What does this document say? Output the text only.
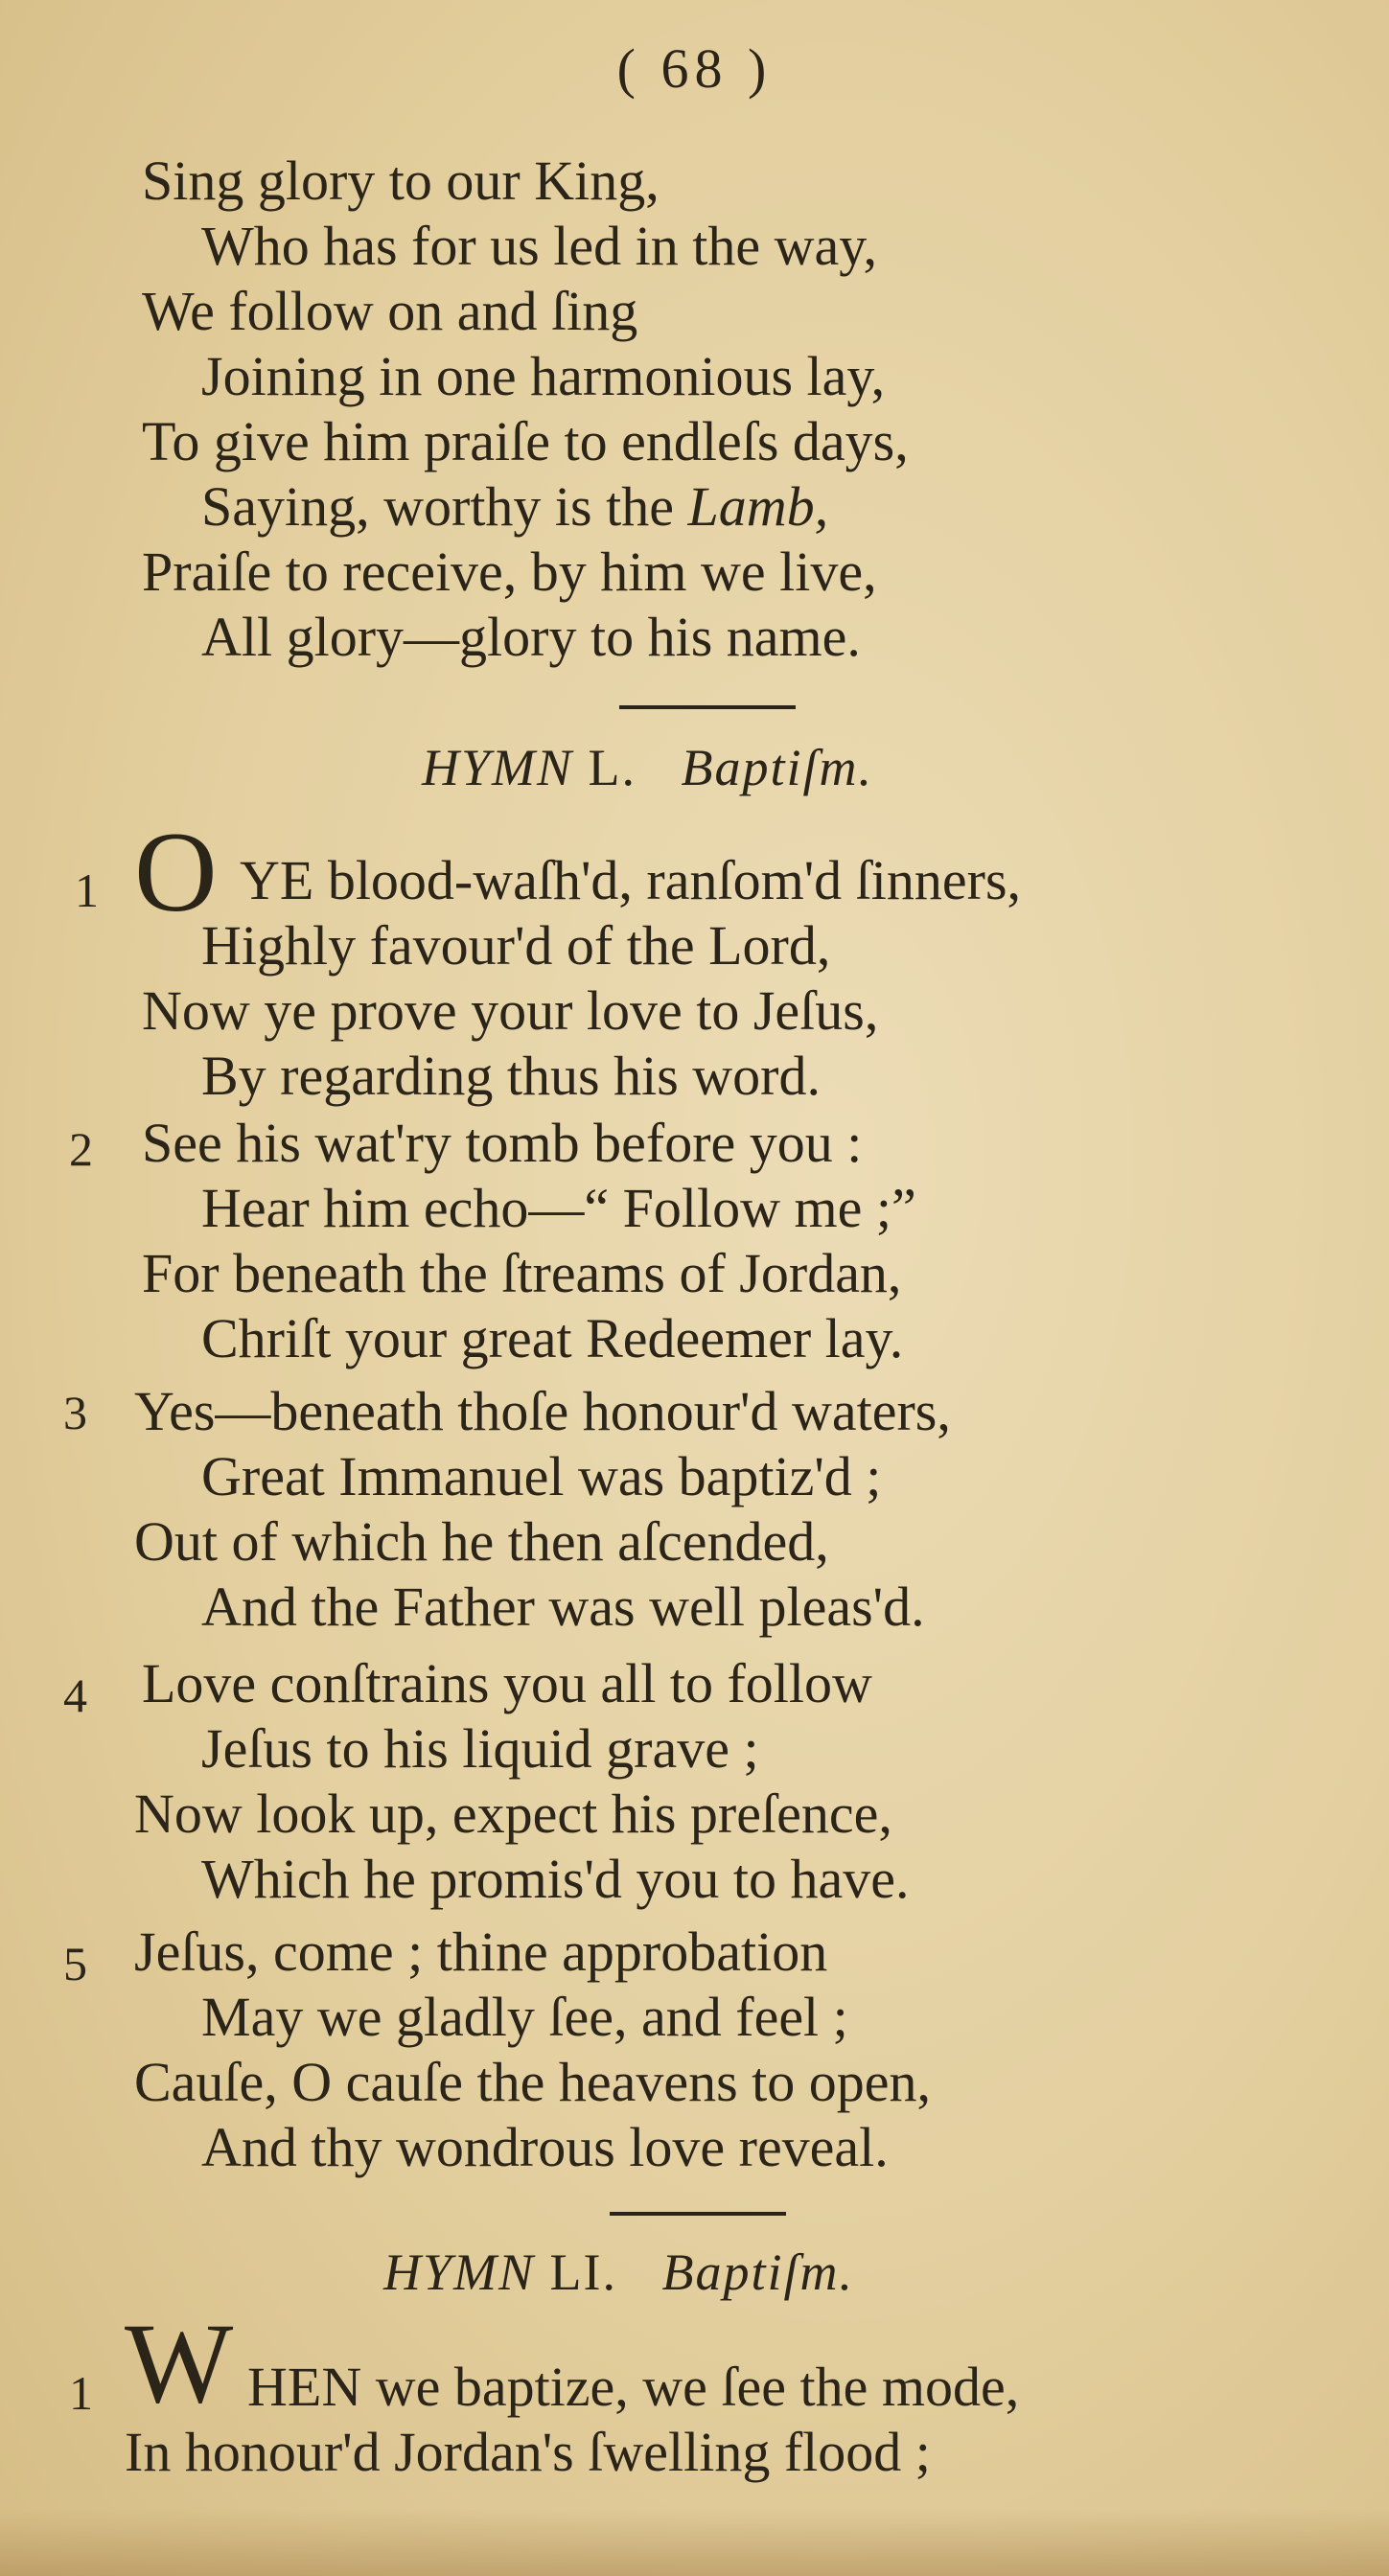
( 68 )
Sing glory to our King,
Who has for us led in the way,
We follow on and ſing
Joining in one harmonious lay,
To give him praiſe to endleſs days,
Saying, worthy is the Lamb,
Praiſe to receive, by him we live,
All glory—glory to his name.
HYMN L. Baptiſm.
1
2
3
4
5
O YE blood-waſh'd, ranſom'd ſinners,
Highly favour'd of the Lord,
Now ye prove your love to Jeſus,
By regarding thus his word.
See his wat'ry tomb before you :
Hear him echo—“ Follow me ;”
For beneath the ſtreams of Jordan,
Chriſt your great Redeemer lay.
Yes—beneath thoſe honour'd waters,
Great Immanuel was baptiz'd ;
Out of which he then aſcended,
And the Father was well pleas'd.
Love conſtrains you all to follow
Jeſus to his liquid grave ;
Now look up, expect his preſence,
Which he promis'd you to have.
Jeſus, come ; thine approbation
May we gladly ſee, and feel ;
Cauſe, O cauſe the heavens to open,
And thy wondrous love reveal.
HYMN LI. Baptiſm.
1 W HEN we baptize, we ſee the mode,
In honour'd Jordan's ſwelling flood ;
